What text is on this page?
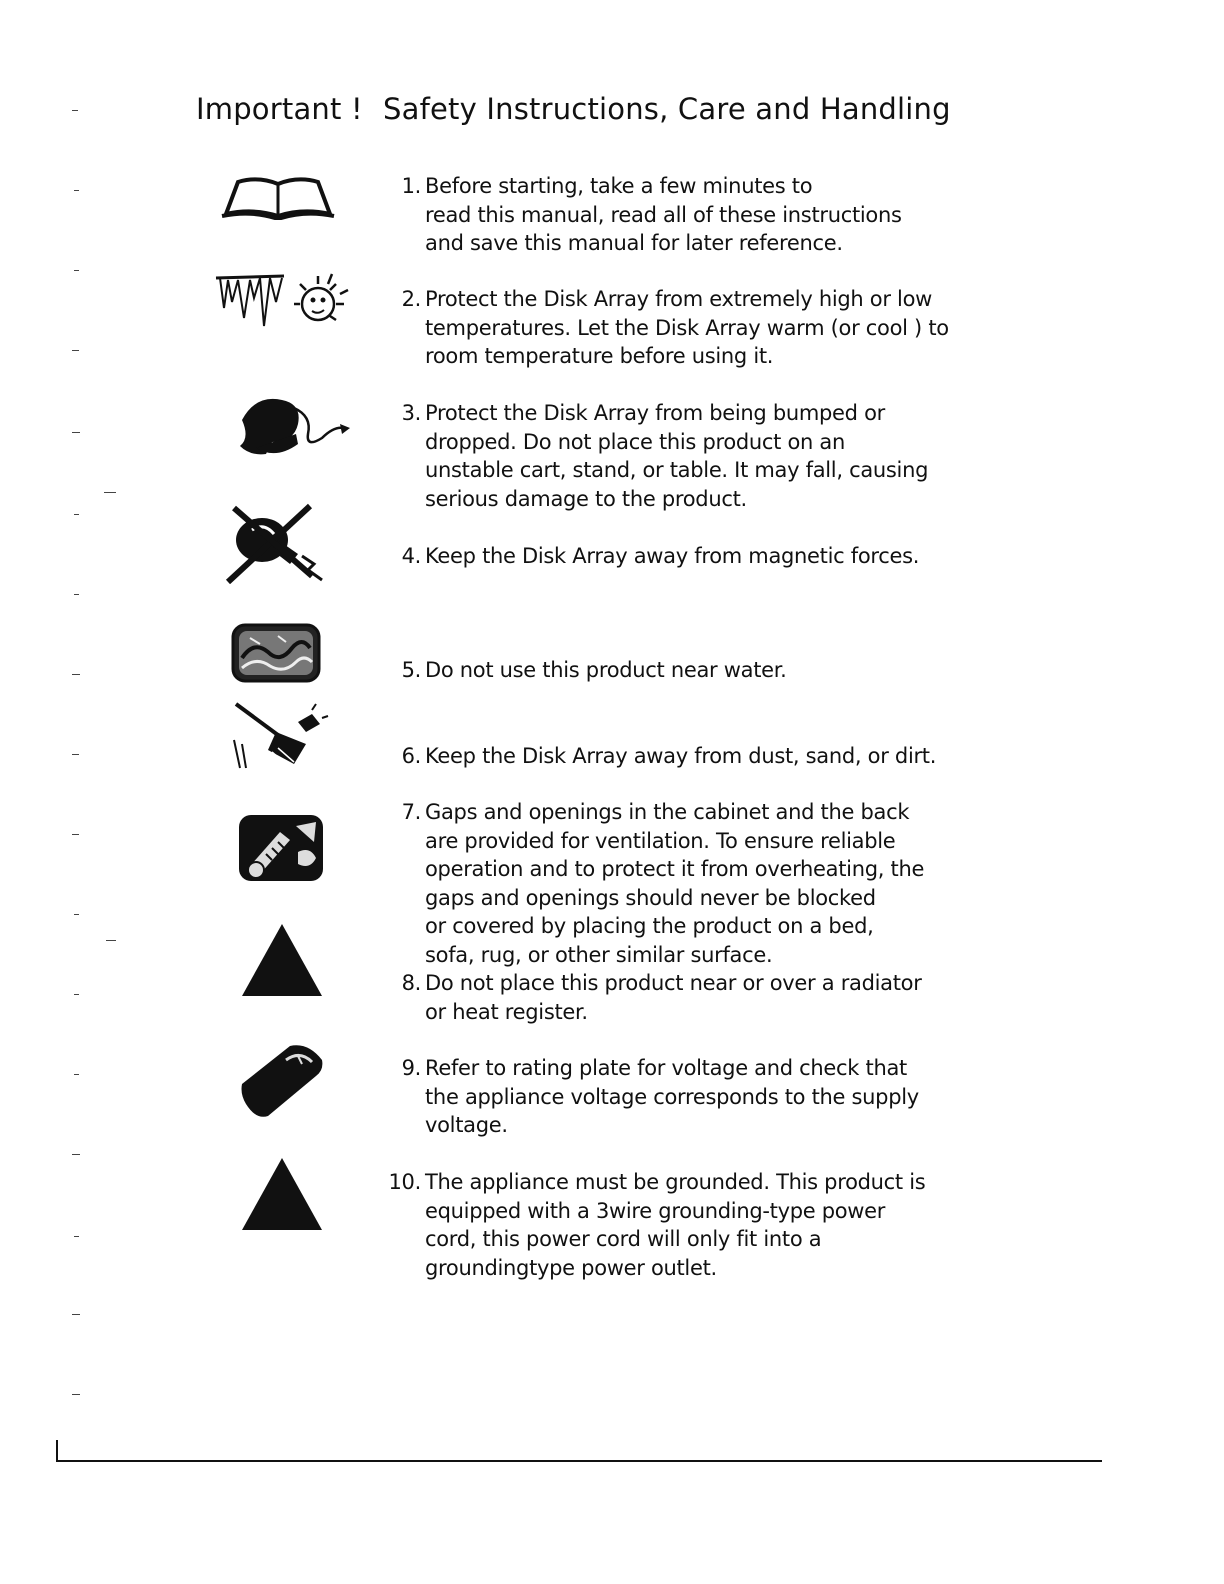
Important ! Safety Instructions, Care and Handling
1. Before starting, take a few minutes to
read this manual, read all of these instructions
and save this manual for later reference.
2. Protect the Disk Array from extremely high or low
temperatures. Let the Disk Array warm (or cool ) to
room temperature before using it.
3. Protect the Disk Array from being bumped or
dropped. Do not place this product on an
unstable cart, stand, or table. It may fall, causing
serious damage to the product.
4. Keep the Disk Array away from magnetic forces.
5. Do not use this product near water.
6. Keep the Disk Array away from dust, sand, or dirt.
7. Gaps and openings in the cabinet and the back
are provided for ventilation. To ensure reliable
operation and to protect it from overheating, the
gaps and openings should never be blocked
or covered by placing the product on a bed,
sofa, rug, or other similar surface.
8. Do not place this product near or over a radiator
or heat register.
9. Refer to rating plate for voltage and check that
the appliance voltage corresponds to the supply
voltage.
10. The appliance must be grounded. This product is
equipped with a 3wire grounding-type power
cord, this power cord will only fit into a
groundingtype power outlet.
